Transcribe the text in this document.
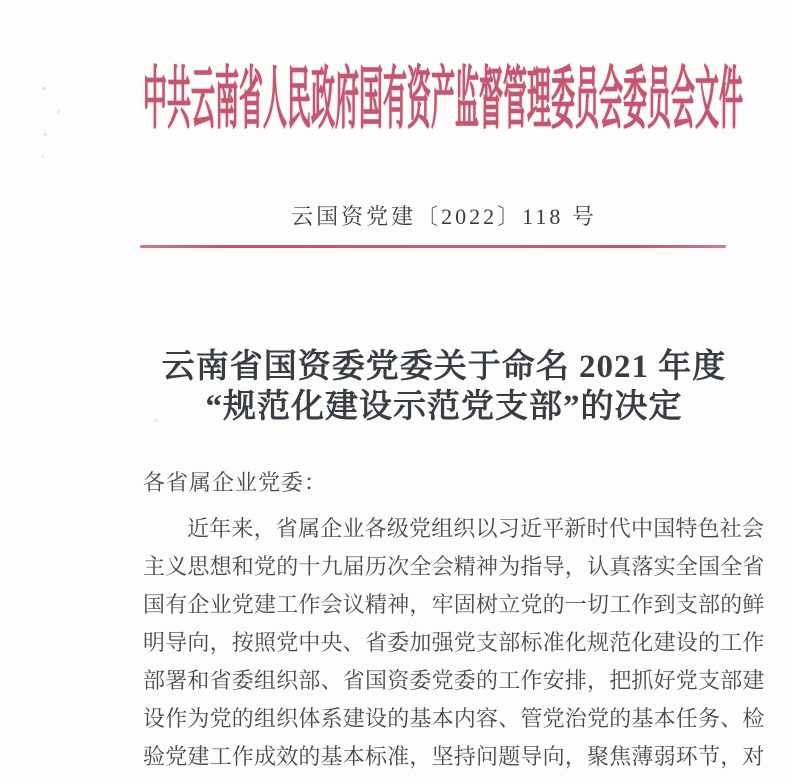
中共云南省人民政府国有资产监督管理委员会委员会文件
云国资党建〔2022〕118 号
云南省国资委党委关于命名 2021 年度
“规范化建设示范党支部”的决定
各省属企业党委：
近年来，省属企业各级党组织以习近平新时代中国特色社会
主义思想和党的十九届历次全会精神为指导，认真落实全国全省
国有企业党建工作会议精神，牢固树立党的一切工作到支部的鲜
明导向，按照党中央、省委加强党支部标准化规范化建设的工作
部署和省委组织部、省国资委党委的工作安排，把抓好党支部建
设作为党的组织体系建设的基本内容、管党治党的基本任务、检
验党建工作成效的基本标准，坚持问题导向，聚焦薄弱环节，对
